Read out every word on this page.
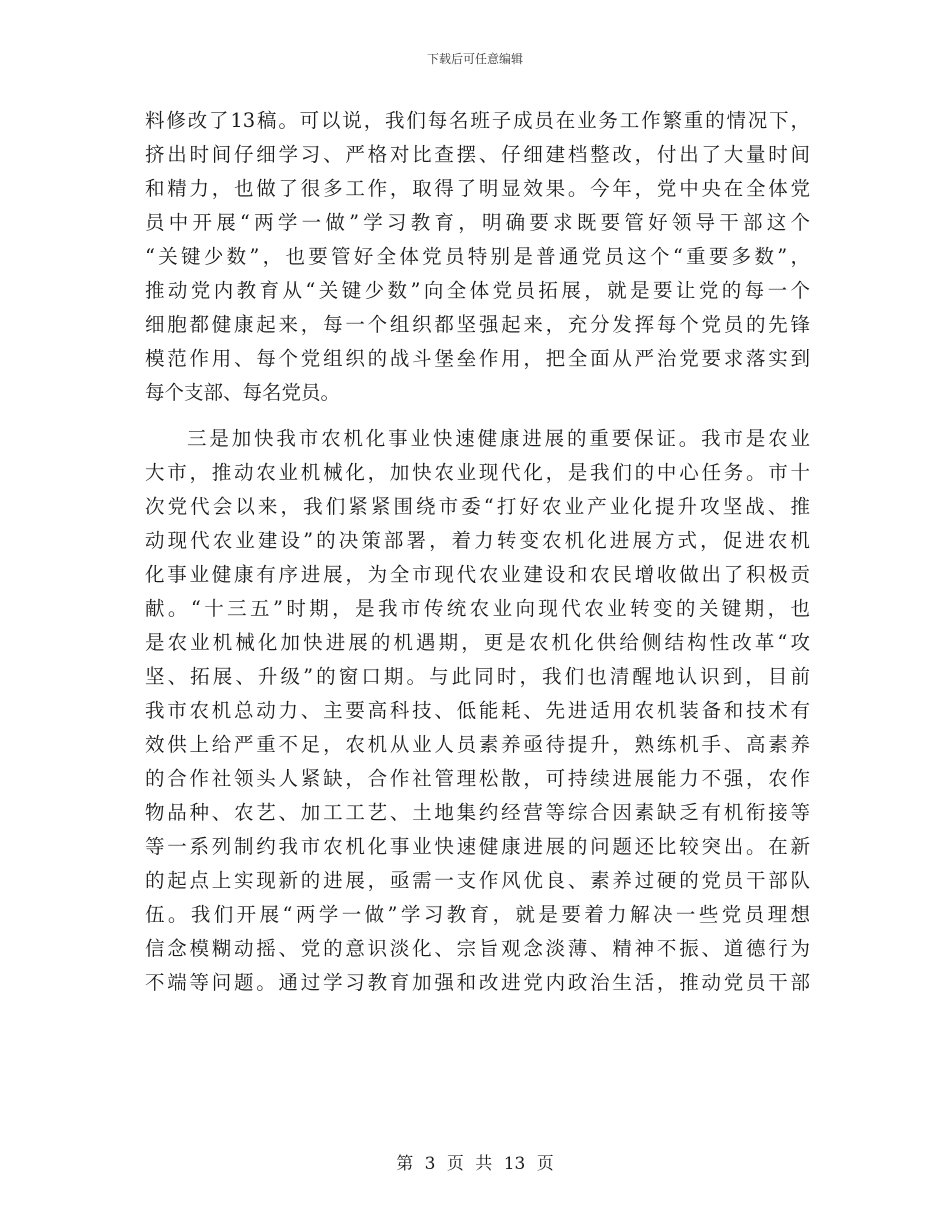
下载后可任意编辑
料修改了13稿。可以说，我们每名班子成员在业务工作繁重的情况下，
挤出时间仔细学习、严格对比查摆、仔细建档整改，付出了大量时间
和精力，也做了很多工作，取得了明显效果。今年，党中央在全体党
员中开展“两学一做”学习教育，明确要求既要管好领导干部这个
“关键少数”，也要管好全体党员特别是普通党员这个“重要多数”，
推动党内教育从“关键少数”向全体党员拓展，就是要让党的每一个
细胞都健康起来，每一个组织都坚强起来，充分发挥每个党员的先锋
模范作用、每个党组织的战斗堡垒作用，把全面从严治党要求落实到
每个支部、每名党员。
三是加快我市农机化事业快速健康进展的重要保证。我市是农业
大市，推动农业机械化，加快农业现代化，是我们的中心任务。市十
次党代会以来，我们紧紧围绕市委“打好农业产业化提升攻坚战、推
动现代农业建设”的决策部署，着力转变农机化进展方式，促进农机
化事业健康有序进展，为全市现代农业建设和农民增收做出了积极贡
献。“十三五”时期，是我市传统农业向现代农业转变的关键期，也
是农业机械化加快进展的机遇期，更是农机化供给侧结构性改革“攻
坚、拓展、升级”的窗口期。与此同时，我们也清醒地认识到，目前
我市农机总动力、主要高科技、低能耗、先进适用农机装备和技术有
效供上给严重不足，农机从业人员素养亟待提升，熟练机手、高素养
的合作社领头人紧缺，合作社管理松散，可持续进展能力不强，农作
物品种、农艺、加工工艺、土地集约经营等综合因素缺乏有机衔接等
等一系列制约我市农机化事业快速健康进展的问题还比较突出。在新
的起点上实现新的进展，亟需一支作风优良、素养过硬的党员干部队
伍。我们开展“两学一做”学习教育，就是要着力解决一些党员理想
信念模糊动摇、党的意识淡化、宗旨观念淡薄、精神不振、道德行为
不端等问题。通过学习教育加强和改进党内政治生活，推动党员干部
第 3 页 共 13 页
